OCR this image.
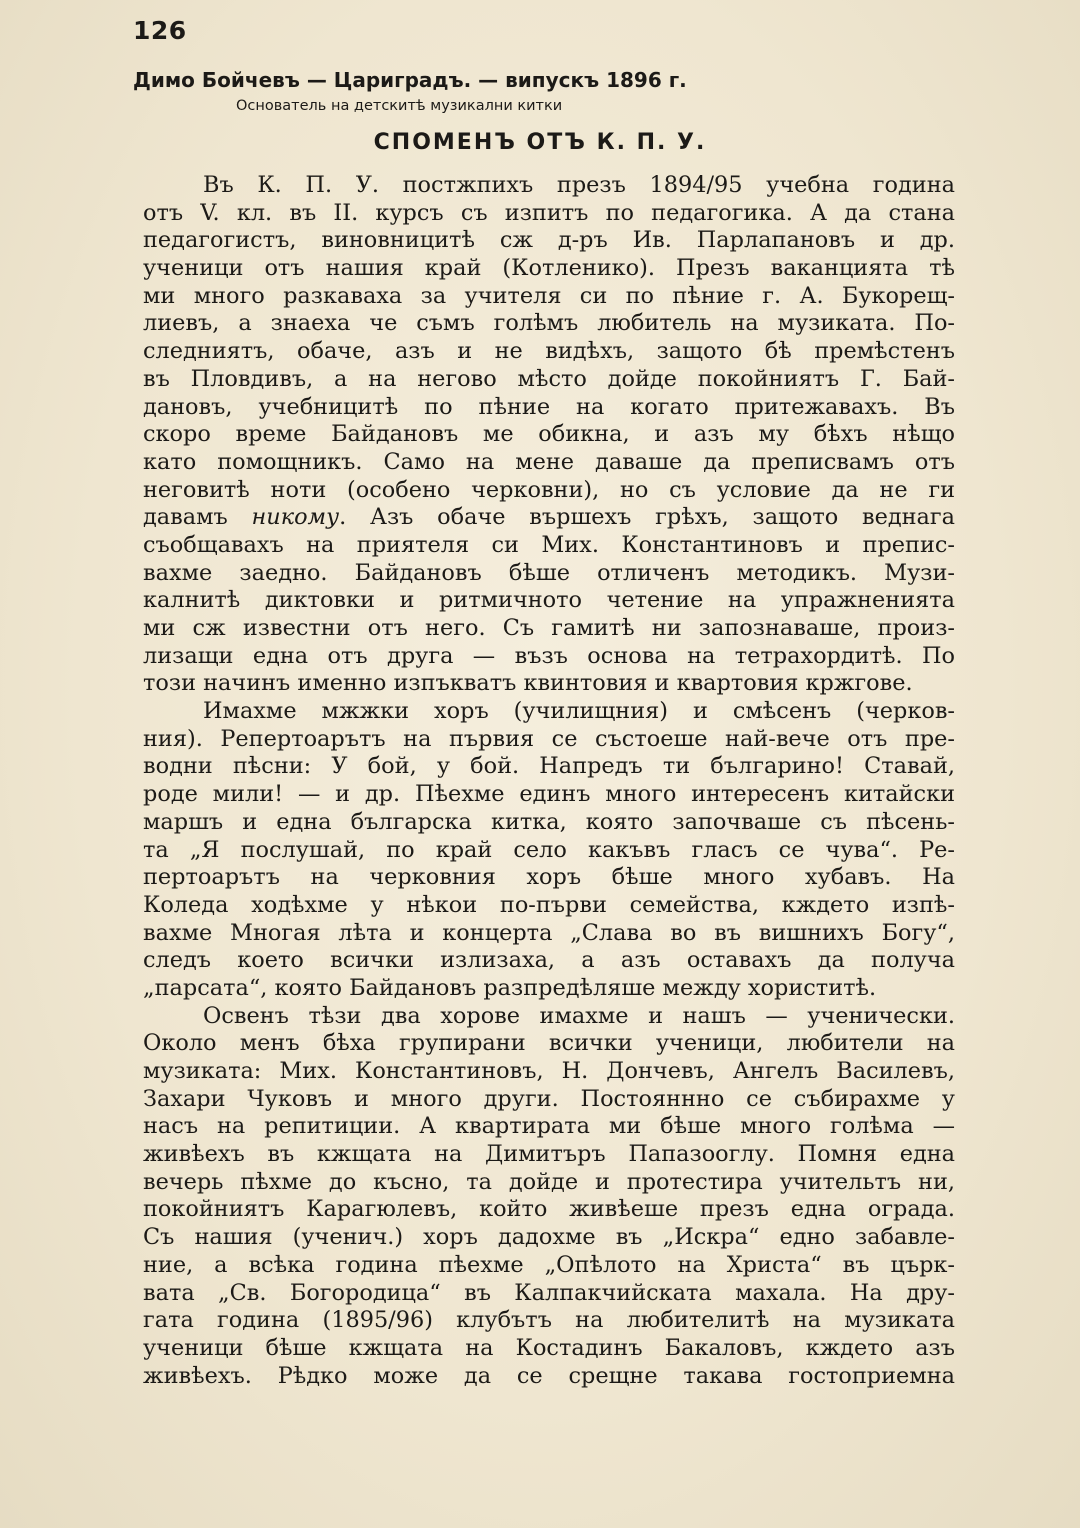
126
Димо Бойчевъ — Цариградъ. — випускъ 1896 г.
Основатель на детскитѣ музикални китки
СПОМЕНЪ ОТЪ К. П. У.
Въ К. П. У. постжпихъ презъ 1894/95 учебна година
отъ V. кл. въ II. курсъ съ изпитъ по педагогика. А да стана
педагогистъ, виновницитѣ сж д-ръ Ив. Парлапановъ и др.
ученици отъ нашия край (Котленико). Презъ ваканцията тѣ
ми много разкаваха за учителя си по пѣние г. А. Букорещ-
лиевъ, а знаеха че съмъ голѣмъ любитель на музиката. По-
следниятъ, обаче, азъ и не видѣхъ, защото бѣ премѣстенъ
въ Пловдивъ, а на негово мѣсто дойде покойниятъ Г. Бай-
дановъ, учебницитѣ по пѣние на когато притежавахъ. Въ
скоро време Байдановъ ме обикна, и азъ му бѣхъ нѣщо
като помощникъ. Само на мене даваше да преписвамъ отъ
неговитѣ ноти (особено черковни), но съ условие да не ги
давамъ никому. Азъ обаче вършехъ грѣхъ, защото веднага
съобщавахъ на приятеля си Мих. Константиновъ и препис-
вахме заедно. Байдановъ бѣше отличенъ методикъ. Музи-
калнитѣ диктовки и ритмичното четение на упражненията
ми сж известни отъ него. Съ гамитѣ ни запознаваше, произ-
лизащи една отъ друга — възъ основа на тетрахордитѣ. По
този начинъ именно изпъкватъ квинтовия и квартовия кржгове.
Имахме мжжки хоръ (училищния) и смѣсенъ (черков-
ния). Репертоарътъ на първия се състоеше най-вече отъ пре-
водни пѣсни: У бой, у бой. Напредъ ти българино! Ставай,
роде мили! — и др. Пѣехме единъ много интересенъ китайски
маршъ и една българска китка, която започваше съ пѣсень-
та „Я послушай, по край село какъвъ гласъ се чува“. Ре-
пертоарътъ на черковния хоръ бѣше много хубавъ. На
Коледа ходѣхме у нѣкои по-първи семейства, кждето изпѣ-
вахме Многая лѣта и концерта „Слава во въ вишнихъ Богу“,
следъ което всички излизаха, а азъ оставахъ да получа
„парсата“, която Байдановъ разпредѣляше между хориститѣ.
Освенъ тѣзи два хорове имахме и нашъ — ученически.
Около менъ бѣха групирани всички ученици, любители на
музиката: Мих. Константиновъ, Н. Дончевъ, Ангелъ Василевъ,
Захари Чуковъ и много други. Постояннно се събирахме у
насъ на репитиции. А квартирата ми бѣше много голѣма —
живѣехъ въ кжщата на Димитъръ Папазооглу. Помня една
вечерь пѣхме до късно, та дойде и протестира учительтъ ни,
покойниятъ Карагюлевъ, който живѣеше презъ една ограда.
Съ нашия (ученич.) хоръ дадохме въ „Искра“ едно забавле-
ние, а всѣка година пѣехме „Опѣлото на Христа“ въ църк-
вата „Св. Богородица“ въ Калпакчийската махала. На дру-
гата година (1895/96) клубътъ на любителитѣ на музиката
ученици бѣше кжщата на Костадинъ Бакаловъ, кждето азъ
живѣехъ. Рѣдко може да се срещне такава гостоприемна
